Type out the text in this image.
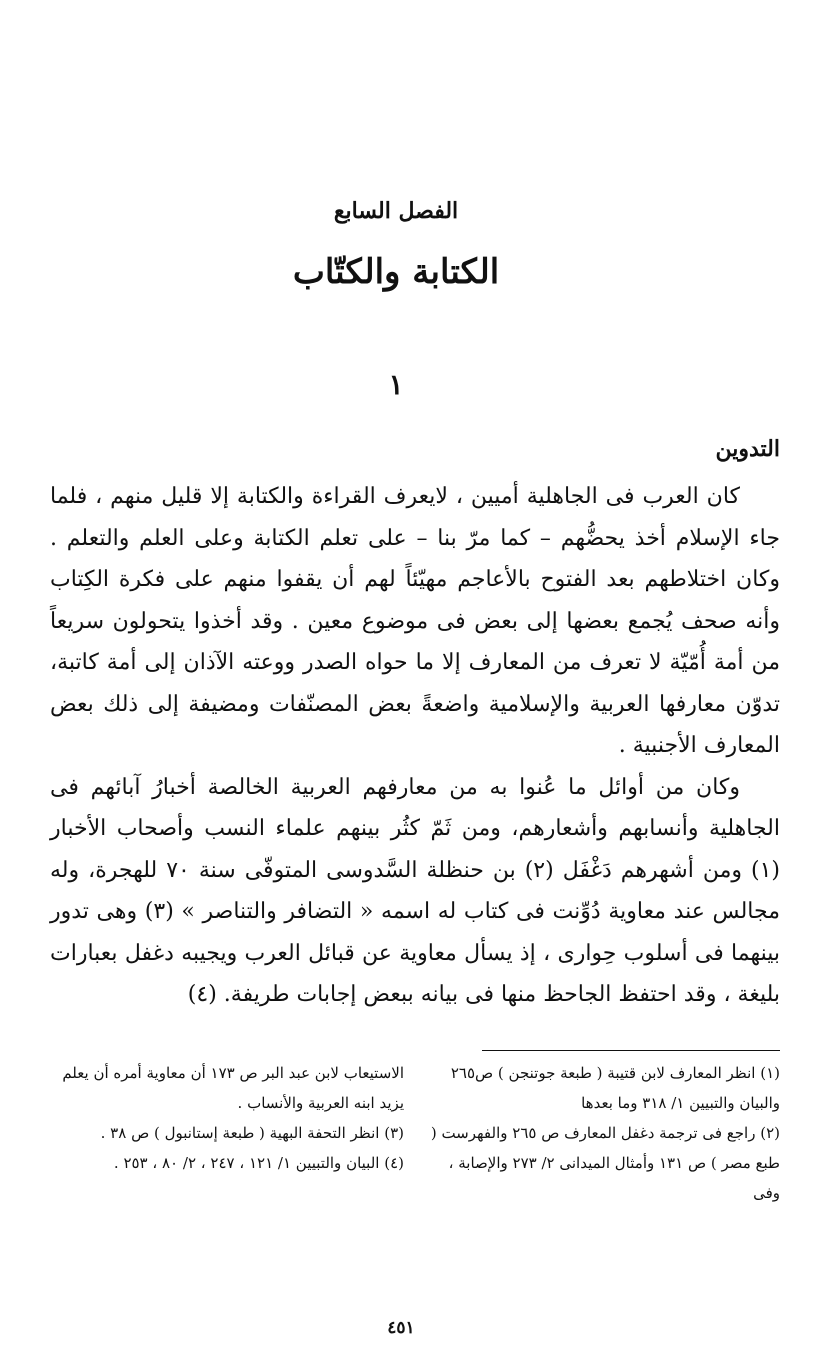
الفصل السابع
الكتابة والكتّاب
١
التدوين

كان العرب فى الجاهلية أميين ، لايعرف القراءة والكتابة إلا قليل منهم ، فلما جاء الإسلام أخذ يحضُّهم – كما مرّ بنا – على تعلم الكتابة وعلى العلم والتعلم . وكان اختلاطهم بعد الفتوح بالأعاجم مهيّئاً لهم أن يقفوا منهم على فكرة الكِتاب وأنه صحف يُجمع بعضها إلى بعض فى موضوع معين . وقد أخذوا يتحولون سريعاً من أمة أُمّيّة لا تعرف من المعارف إلا ما حواه الصدر ووعته الآذان إلى أمة كاتبة، تدوّن معارفها العربية والإسلامية واضعةً بعض المصنّفات ومضيفة إلى ذلك بعض المعارف الأجنبية .

وكان من أوائل ما عُنوا به من معارفهم العربية الخالصة أخبارُ آبائهم فى الجاهلية وأنسابهم وأشعارهم، ومن ثَمّ كثُر بينهم علماء النسب وأصحاب الأخبار (١) ومن أشهرهم دَغْفَل (٢) بن حنظلة السَّدوسى المتوفّى سنة ٧٠ للهجرة، وله مجالس عند معاوية دُوِّنت فى كتاب له اسمه « التضافر والتناصر » (٣) وهى تدور بينهما فى أسلوب حِوارى ، إذ يسأل معاوية عن قبائل العرب ويجيبه دغفل بعبارات بليغة ، وقد احتفظ الجاحظ منها فى بيانه ببعض إجابات طريفة. (٤)

(١) انظر المعارف لابن قتيبة ( طبعة جوتنجن ) ص٢٦٥ والبيان والتبيين ١/ ٣١٨ وما بعدها

(٢) راجع فى ترجمة دغفل المعارف ص ٢٦٥ والفهرست ( طبع مصر ) ص ١٣١ وأمثال الميدانى ٢/ ٢٧٣ والإصابة ، وفى

الاستيعاب لابن عبد البر ص ١٧٣ أن معاوية أمره أن يعلم يزيد ابنه العربية والأنساب .

(٣) انظر التحفة البهية ( طبعة إستانبول ) ص ٣٨ .

(٤) البيان والتبيين ١/ ١٢١ ، ٢٤٧ ، ٢/ ٨٠ ، ٢٥٣ .

٤٥١
